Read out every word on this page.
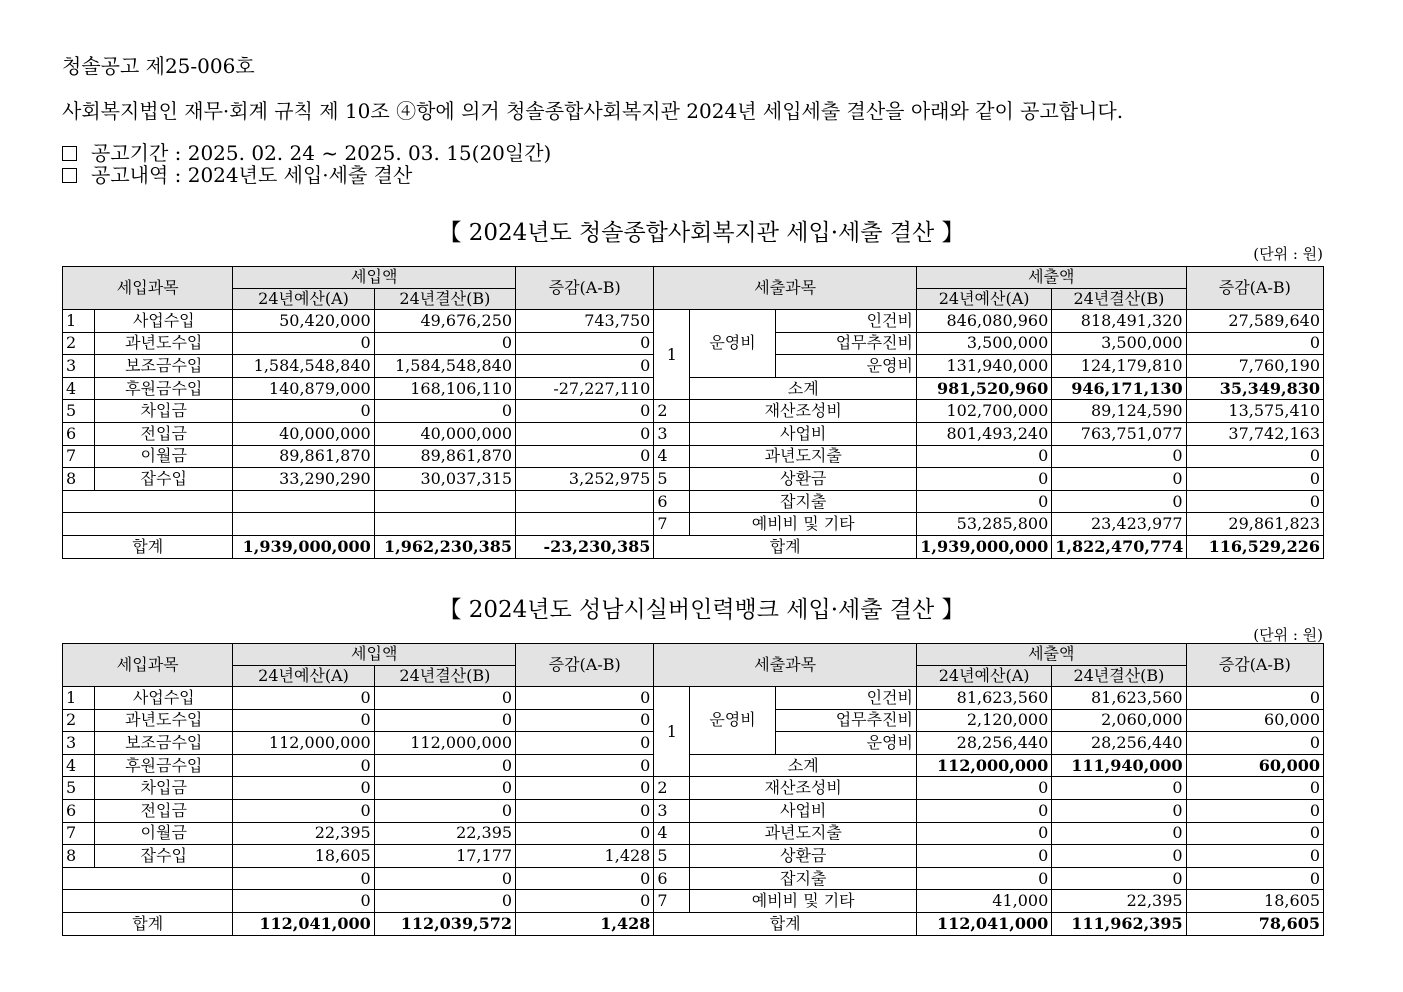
청솔공고 제25-006호
사회복지법인 재무·회계 규칙 제 10조 ④항에 의거 청솔종합사회복지관 2024년 세입세출 결산을 아래와 같이 공고합니다.
공고기간 : 2025. 02. 24 ~ 2025. 03. 15(20일간)
공고내역 : 2024년도 세입·세출 결산
【 2024년도 청솔종합사회복지관 세입·세출 결산 】
(단위 : 원)
세입과목		세입액		증감(A-B)	세출과목			세출액		증감(A-B)
		24년예산(A)	24년결산(B)					24년예산(A)	24년결산(B)	
1	사업수입	50,420,000	49,676,250	743,750	1	운영비	인건비	846,080,960	818,491,320	27,589,640
2	과년도수입	0	0	0			업무추진비	3,500,000	3,500,000	0
3	보조금수입	1,584,548,840	1,584,548,840	0			운영비	131,940,000	124,179,810	7,760,190
4	후원금수입	140,879,000	168,106,110	-27,227,110		소계		981,520,960	946,171,130	35,349,830
5	차입금	0	0	0	2	재산조성비		102,700,000	89,124,590	13,575,410
6	전입금	40,000,000	40,000,000	0	3	사업비		801,493,240	763,751,077	37,742,163
7	이월금	89,861,870	89,861,870	0	4	과년도지출		0	0	0
8	잡수입	33,290,290	30,037,315	3,252,975	5	상환금		0	0	0
					6	잡지출		0	0	0
					7	예비비 및 기타		53,285,800	23,423,977	29,861,823
합계		1,939,000,000	1,962,230,385	-23,230,385	합계			1,939,000,000	1,822,470,774	116,529,226
【 2024년도 성남시실버인력뱅크 세입·세출 결산 】
(단위 : 원)
세입과목		세입액		증감(A-B)	세출과목			세출액		증감(A-B)
		24년예산(A)	24년결산(B)					24년예산(A)	24년결산(B)	
1	사업수입	0	0	0	1	운영비	인건비	81,623,560	81,623,560	0
2	과년도수입	0	0	0			업무추진비	2,120,000	2,060,000	60,000
3	보조금수입	112,000,000	112,000,000	0			운영비	28,256,440	28,256,440	0
4	후원금수입	0	0	0		소계		112,000,000	111,940,000	60,000
5	차입금	0	0	0	2	재산조성비		0	0	0
6	전입금	0	0	0	3	사업비		0	0	0
7	이월금	22,395	22,395	0	4	과년도지출		0	0	0
8	잡수입	18,605	17,177	1,428	5	상환금		0	0	0
		0	0	0	6	잡지출		0	0	0
		0	0	0	7	예비비 및 기타		41,000	22,395	18,605
합계		112,041,000	112,039,572	1,428	합계			112,041,000	111,962,395	78,605
